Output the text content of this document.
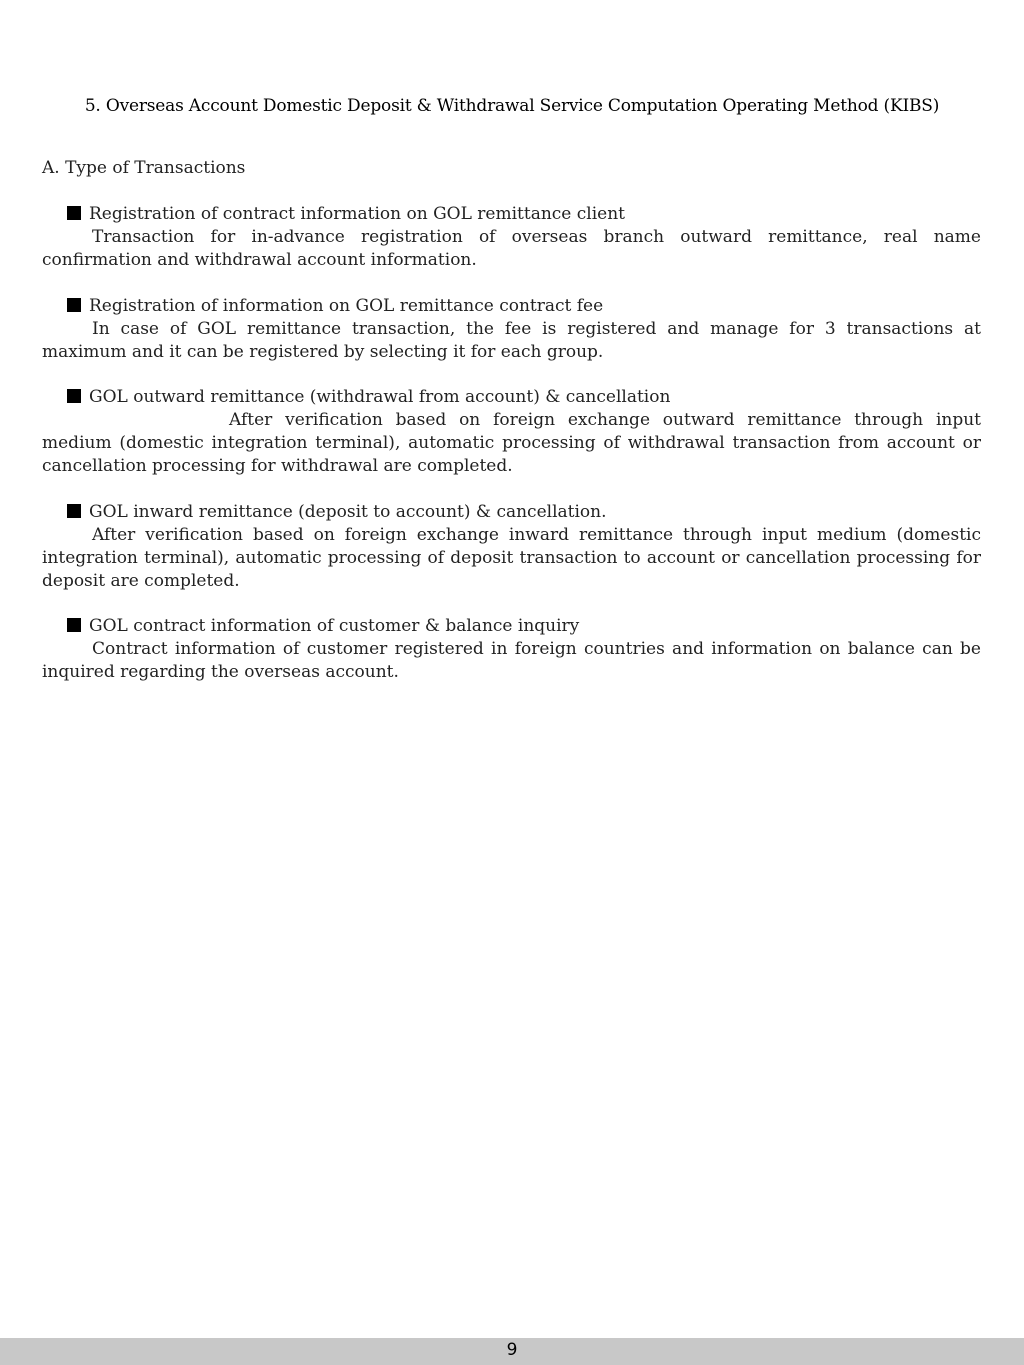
5. Overseas Account Domestic Deposit & Withdrawal Service Computation Operating Method (KIBS)
A. Type of Transactions
Registration of contract information on GOL remittance client

Transaction for in-advance registration of overseas branch outward remittance, real name confirmation and withdrawal account information.

Registration of information on GOL remittance contract fee

In case of GOL remittance transaction, the fee is registered and manage for 3 transactions at maximum and it can be registered by selecting it for each group.

GOL outward remittance (withdrawal from account) & cancellation

After verification based on foreign exchange outward remittance through input medium (domestic integration terminal), automatic processing of withdrawal transaction from account or cancellation processing for withdrawal are completed.

GOL inward remittance (deposit to account) & cancellation.

After verification based on foreign exchange inward remittance through input medium (domestic integration terminal), automatic processing of deposit transaction to account or cancellation processing for deposit are completed.

GOL contract information of customer & balance inquiry

Contract information of customer registered in foreign countries and information on balance can be inquired regarding the overseas account.

9
